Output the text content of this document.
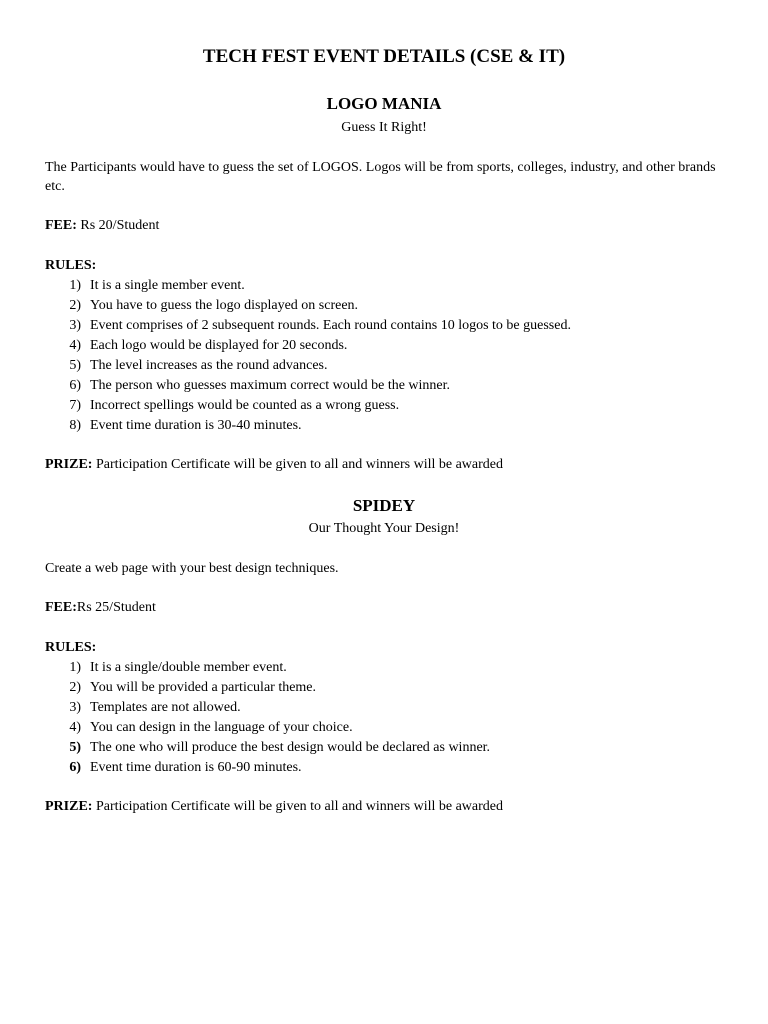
TECH FEST EVENT DETAILS (CSE & IT)
LOGO MANIA
Guess It Right!
The Participants would have to guess the set of LOGOS. Logos will be from sports, colleges, industry, and other brands etc.
FEE: Rs 20/Student
RULES:
1) It is a single member event.
2) You have to guess the logo displayed on screen.
3) Event comprises of 2 subsequent rounds. Each round contains 10 logos to be guessed.
4) Each logo would be displayed for 20 seconds.
5) The level increases as the round advances.
6) The person who guesses maximum correct would be the winner.
7) Incorrect spellings would be counted as a wrong guess.
8) Event time duration is 30-40 minutes.
PRIZE: Participation Certificate will be given to all and winners will be awarded
SPIDEY
Our Thought Your Design!
Create a web page with your best design techniques.
FEE:Rs 25/Student
RULES:
1) It is a single/double member event.
2) You will be provided a particular theme.
3) Templates are not allowed.
4) You can design in the language of your choice.
5) The one who will produce the best design would be declared as winner.
6) Event time duration is 60-90 minutes.
PRIZE: Participation Certificate will be given to all and winners will be awarded
